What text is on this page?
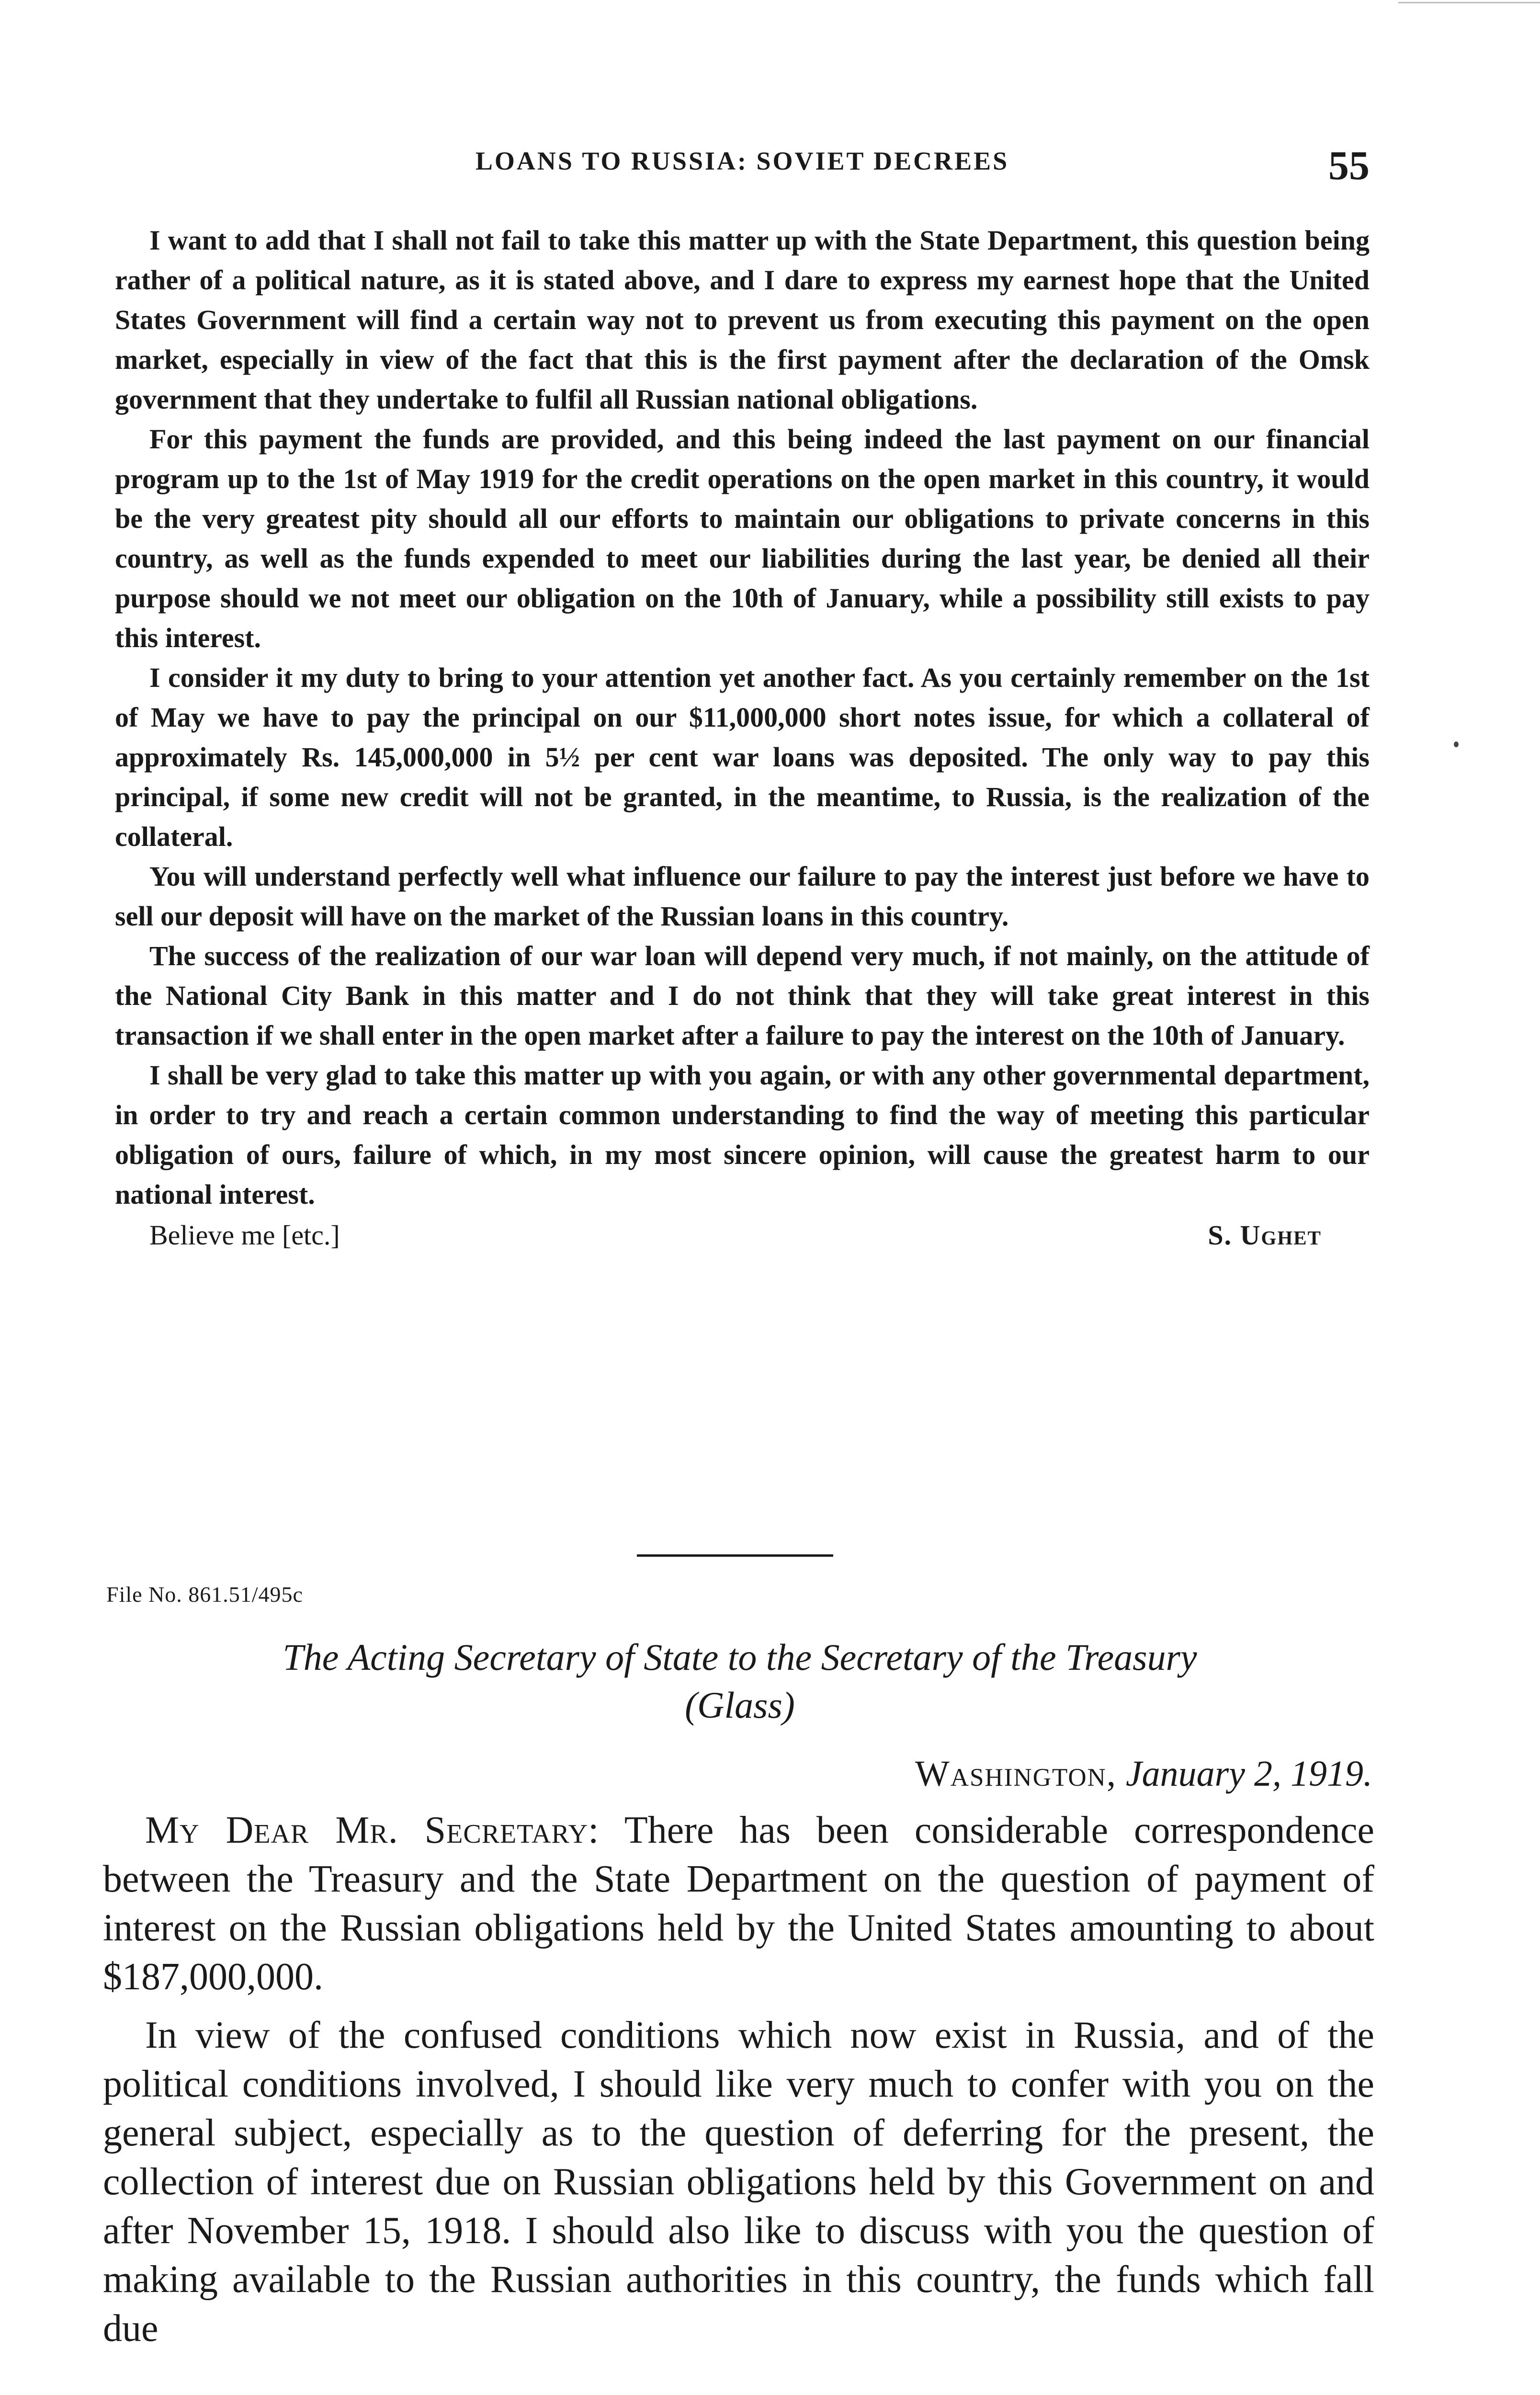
LOANS TO RUSSIA: SOVIET DECREES	55

I want to add that I shall not fail to take this matter up with the State Department, this question being rather of a political nature, as it is stated above, and I dare to express my earnest hope that the United States Government will find a certain way not to prevent us from executing this payment on the open market, especially in view of the fact that this is the first payment after the declaration of the Omsk government that they undertake to fulfil all Russian national obligations.

For this payment the funds are provided, and this being indeed the last payment on our financial program up to the 1st of May 1919 for the credit operations on the open market in this country, it would be the very greatest pity should all our efforts to maintain our obligations to private concerns in this country, as well as the funds expended to meet our liabilities during the last year, be denied all their purpose should we not meet our obligation on the 10th of January, while a possibility still exists to pay this interest.

I consider it my duty to bring to your attention yet another fact. As you certainly remember on the 1st of May we have to pay the principal on our $11,000,000 short notes issue, for which a collateral of approximately Rs. 145,000,000 in 5½ per cent war loans was deposited. The only way to pay this principal, if some new credit will not be granted, in the meantime, to Russia, is the realization of the collateral.

You will understand perfectly well what influence our failure to pay the interest just before we have to sell our deposit will have on the market of the Russian loans in this country.

The success of the realization of our war loan will depend very much, if not mainly, on the attitude of the National City Bank in this matter and I do not think that they will take great interest in this transaction if we shall enter in the open market after a failure to pay the interest on the 10th of January.

I shall be very glad to take this matter up with you again, or with any other governmental department, in order to try and reach a certain common understanding to find the way of meeting this particular obligation of ours, failure of which, in my most sincere opinion, will cause the greatest harm to our national interest.

Believe me [etc.]	S. Ughet
File No. 861.51/495c
The Acting Secretary of State to the Secretary of the Treasury
(Glass)
Washington, January 2, 1919.

My Dear Mr. Secretary: There has been considerable correspondence between the Treasury and the State Department on the question of payment of interest on the Russian obligations held by the United States amounting to about $187,000,000.

In view of the confused conditions which now exist in Russia, and of the political conditions involved, I should like very much to confer with you on the general subject, especially as to the question of deferring for the present, the collection of interest due on Russian obligations held by this Government on and after November 15, 1918. I should also like to discuss with you the question of making available to the Russian authorities in this country, the funds which fall due
